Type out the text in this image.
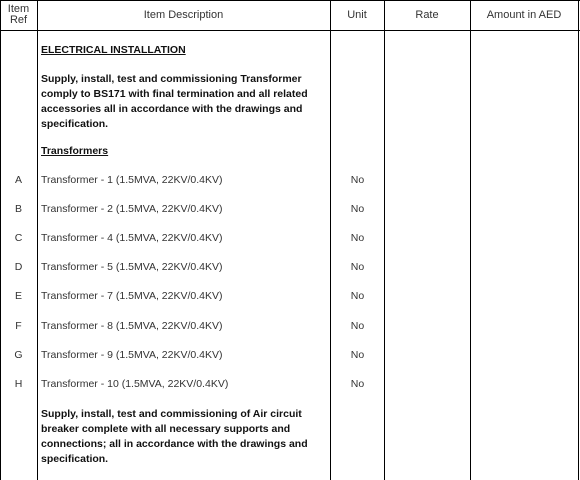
Item
Ref	Item Description	Unit	Rate	Amount in AED
ELECTRICAL INSTALLATION
Supply, install, test and commissioning Transformer comply to BS171 with final termination and all related accessories all in accordance with the drawings and specification.
Transformers
A	Transformer - 1 (1.5MVA, 22KV/0.4KV)	No
B	Transformer - 2 (1.5MVA, 22KV/0.4KV)	No
C	Transformer - 4 (1.5MVA, 22KV/0.4KV)	No
D	Transformer - 5 (1.5MVA, 22KV/0.4KV)	No
E	Transformer - 7 (1.5MVA, 22KV/0.4KV)	No
F	Transformer - 8 (1.5MVA, 22KV/0.4KV)	No
G	Transformer - 9 (1.5MVA, 22KV/0.4KV)	No
H	Transformer - 10 (1.5MVA, 22KV/0.4KV)	No
Supply, install, test and commissioning of Air circuit breaker complete with all necessary supports and connections; all in accordance with the drawings and specification.
